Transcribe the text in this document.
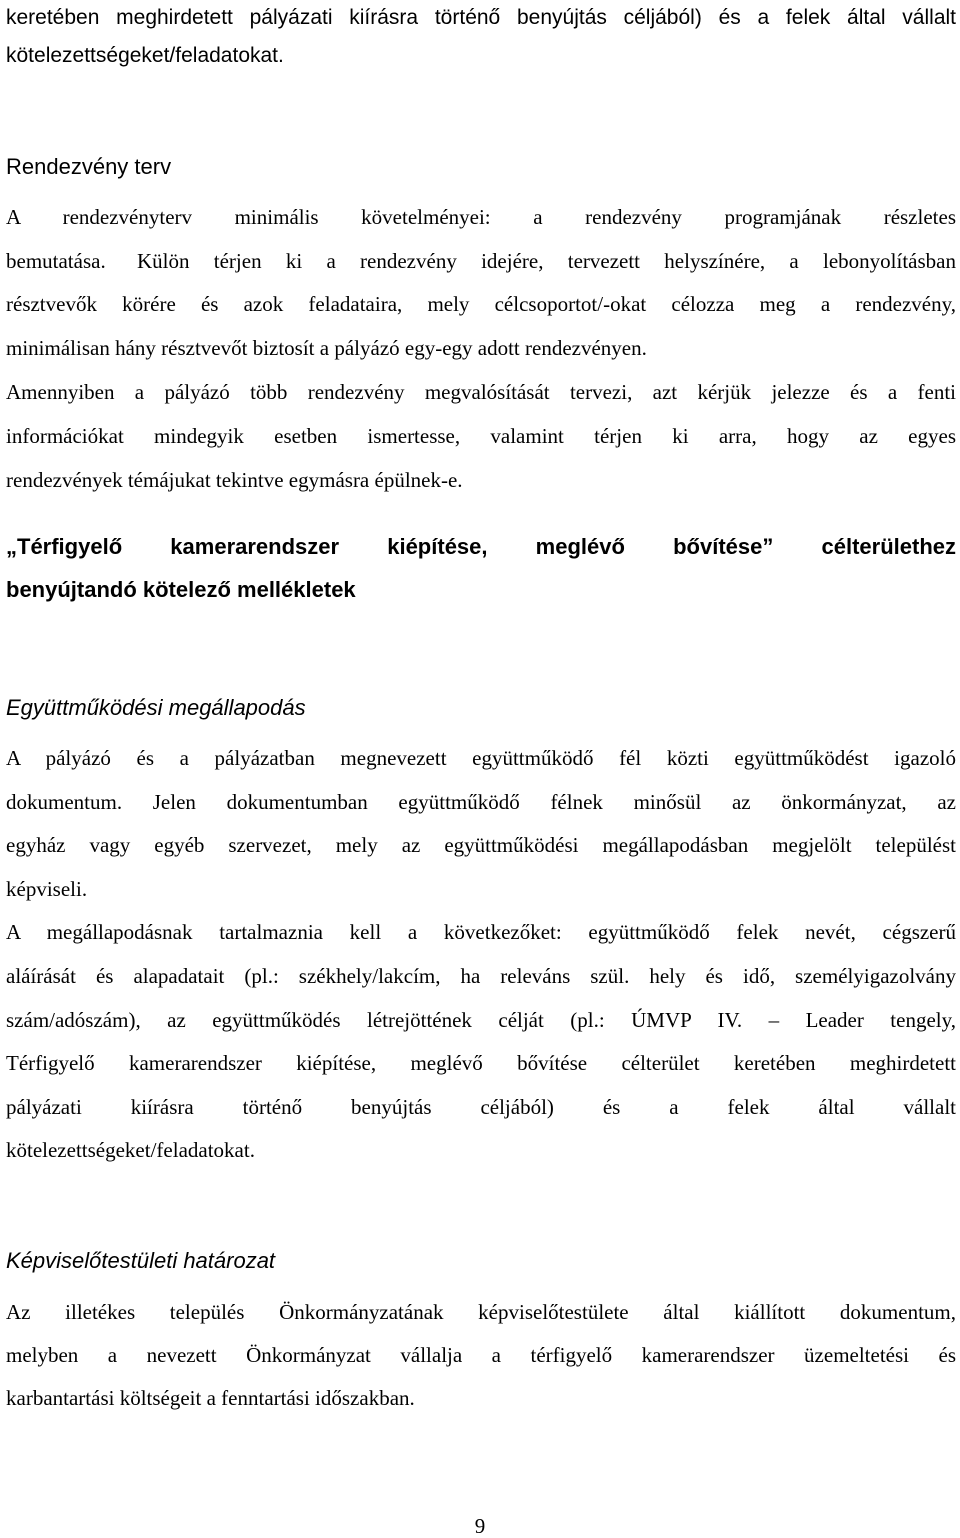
keretében meghirdetett pályázati kiírásra történő benyújtás céljából) és a felek által vállalt
kötelezettségeket/feladatokat.
Rendezvény terv
A rendezvényterv minimális követelményei: a rendezvény programjának részletes
bemutatása. Külön térjen ki a rendezvény idejére, tervezett helyszínére, a lebonyolításban
résztvevők körére és azok feladataira, mely célcsoportot/-okat célozza meg a rendezvény,
minimálisan hány résztvevőt biztosít a pályázó egy-egy adott rendezvényen.
Amennyiben a pályázó több rendezvény megvalósítását tervezi, azt kérjük jelezze és a fenti
információkat mindegyik esetben ismertesse, valamint térjen ki arra, hogy az egyes
rendezvények témájukat tekintve egymásra épülnek-e.
„Térfigyelő kamerarendszer kiépítése, meglévő bővítése” célterülethez
benyújtandó kötelező mellékletek
Együttműködési megállapodás
A pályázó és a pályázatban megnevezett együttműködő fél közti együttműködést igazoló
dokumentum. Jelen dokumentumban együttműködő félnek minősül az önkormányzat, az
egyház vagy egyéb szervezet, mely az együttműködési megállapodásban megjelölt települést
képviseli.
A megállapodásnak tartalmaznia kell a következőket: együttműködő felek nevét, cégszerű
aláírását és alapadatait (pl.: székhely/lakcím, ha releváns szül. hely és idő, személyigazolvány
szám/adószám), az együttműködés létrejöttének célját (pl.: ÚMVP IV. – Leader tengely,
Térfigyelő kamerarendszer kiépítése, meglévő bővítése célterület keretében meghirdetett
pályázati kiírásra történő benyújtás céljából) és a felek által vállalt
kötelezettségeket/feladatokat.
Képviselőtestületi határozat
Az illetékes település Önkormányzatának képviselőtestülete által kiállított dokumentum,
melyben a nevezett Önkormányzat vállalja a térfigyelő kamerarendszer üzemeltetési és
karbantartási költségeit a fenntartási időszakban.
9
